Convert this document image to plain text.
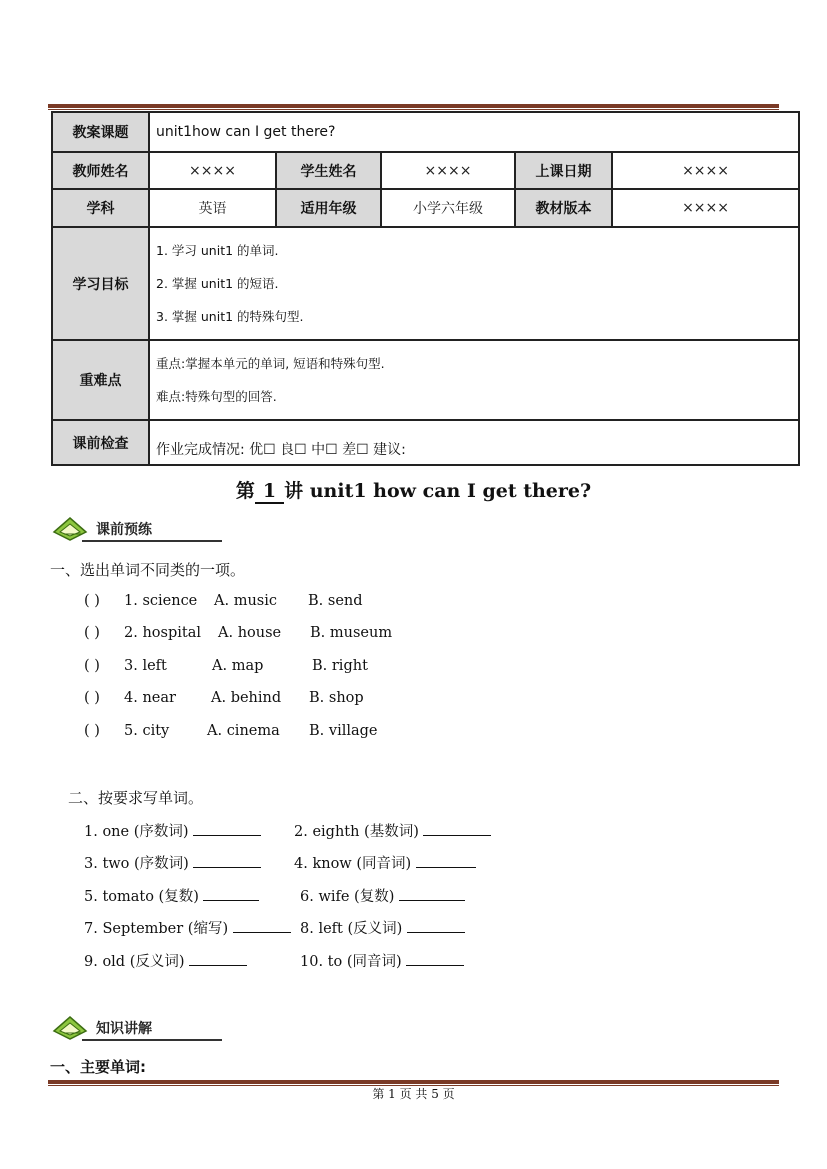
教案课题	unit1how can I get there?				
教师姓名	××××	学生姓名	××××	上课日期	××××
学科	英语	适用年级	小学六年级	教材版本	××××
学习目标	1. 学习 unit1 的单词.
2. 掌握 unit1 的短语.
3. 掌握 unit1 的特殊句型.				

重难点	重点:掌握本单元的单词, 短语和特殊句型.
难点:特殊句型的回答.				

课前检查	作业完成情况: 优☐ 良☐ 中☐ 差☐ 建议:				
第 1 讲 unit1 how can I get there?
课前预练
一、选出单词不同类的一项。
( ) 1. science A. music B. send
( ) 2. hospital A. house B. museum
( ) 3. left	A. map	B. right
( ) 4. near A. behind B. shop
( ) 5. city	A. cinema B. village
二、按要求写单词。
1. one (序数词)	2. eighth (基数词)
3. two (序数词)	4. know (同音词)
5. tomato (复数)	6. wife (复数)
7. September (缩写)	8. left (反义词)
9. old (反义词)	10. to (同音词)
知识讲解
一、主要单词:
第 1 页 共 5 页
